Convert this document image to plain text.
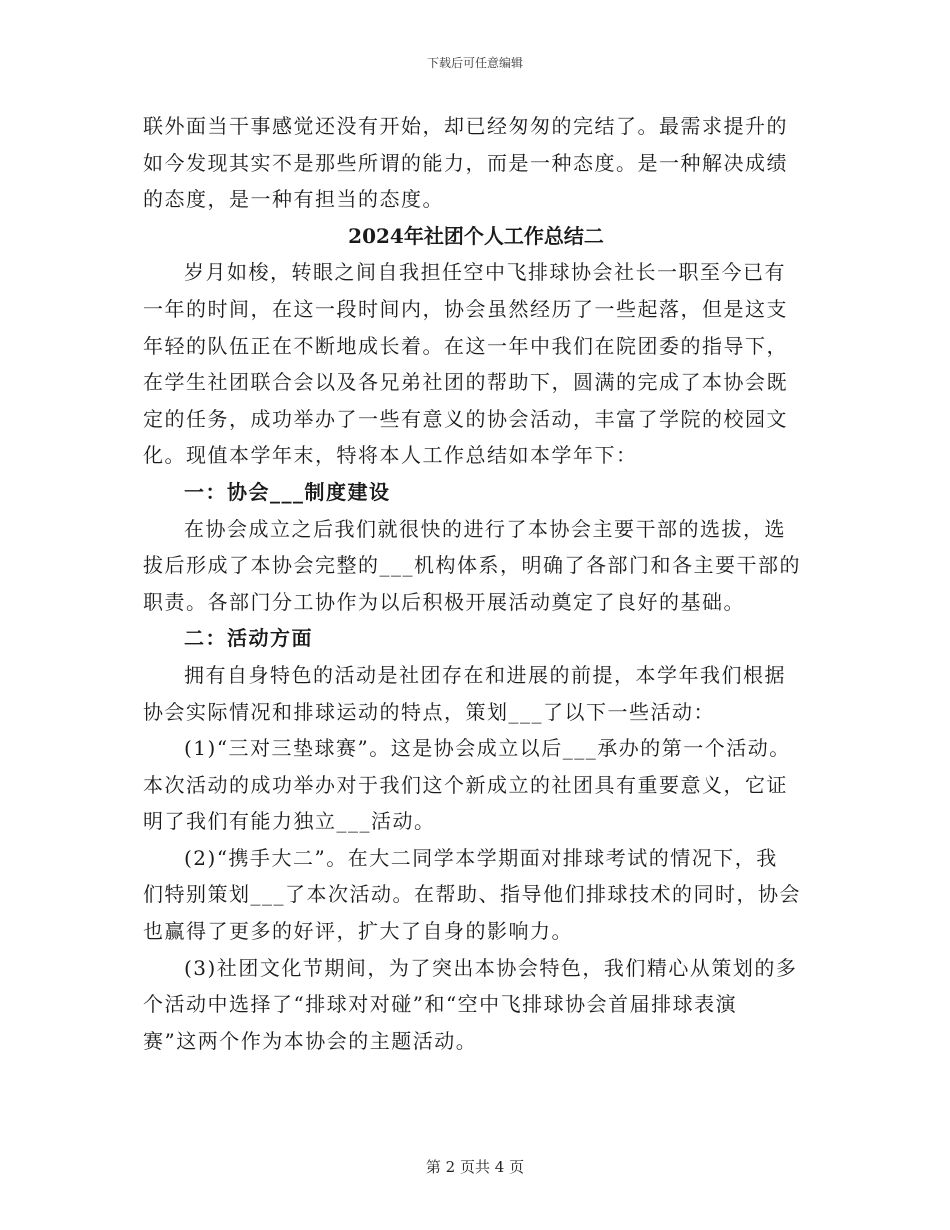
下载后可任意编辑
联外面当干事感觉还没有开始，却已经匆匆的完结了。最需求提升的
如今发现其实不是那些所谓的能力，而是一种态度。是一种解决成绩
的态度，是一种有担当的态度。
2024年社团个人工作总结二
岁月如梭，转眼之间自我担任空中飞排球协会社长一职至今已有
一年的时间，在这一段时间内，协会虽然经历了一些起落，但是这支
年轻的队伍正在不断地成长着。在这一年中我们在院团委的指导下，
在学生社团联合会以及各兄弟社团的帮助下，圆满的完成了本协会既
定的任务，成功举办了一些有意义的协会活动，丰富了学院的校园文
化。现值本学年末，特将本人工作总结如本学年下：
一：协会___制度建设
在协会成立之后我们就很快的进行了本协会主要干部的选拔，选
拔后形成了本协会完整的___机构体系，明确了各部门和各主要干部的
职责。各部门分工协作为以后积极开展活动奠定了良好的基础。
二：活动方面
拥有自身特色的活动是社团存在和进展的前提，本学年我们根据
协会实际情况和排球运动的特点，策划___了以下一些活动：
(1)“三对三垫球赛”。这是协会成立以后___承办的第一个活动。
本次活动的成功举办对于我们这个新成立的社团具有重要意义，它证
明了我们有能力独立___活动。
(2)“携手大二”。在大二同学本学期面对排球考试的情况下，我
们特别策划___了本次活动。在帮助、指导他们排球技术的同时，协会
也赢得了更多的好评，扩大了自身的影响力。
(3)社团文化节期间，为了突出本协会特色，我们精心从策划的多
个活动中选择了“排球对对碰”和“空中飞排球协会首届排球表演
赛”这两个作为本协会的主题活动。
第 2 页共 4 页
